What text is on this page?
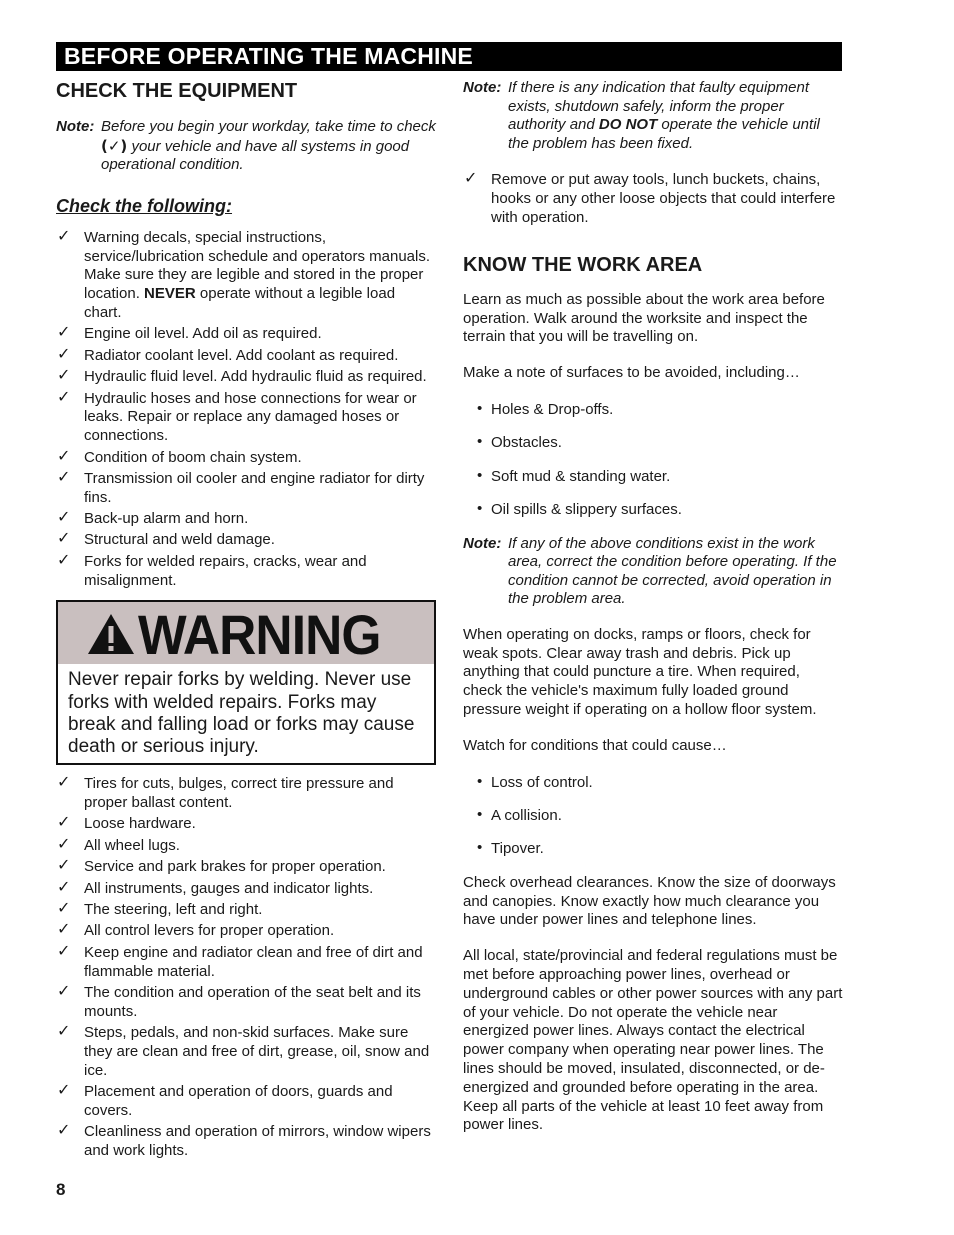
BEFORE OPERATING THE MACHINE
CHECK THE EQUIPMENT
Note: Before you begin your workday, take time to check (✓) your vehicle and have all systems in good operational condition.
Check the following:
✓ Warning decals, special instructions, service/lubrication schedule and operators manuals. Make sure they are legible and stored in the proper location. NEVER operate without a legible load chart.
✓ Engine oil level. Add oil as required.
✓ Radiator coolant level. Add coolant as required.
✓ Hydraulic fluid level. Add hydraulic fluid as required.
✓ Hydraulic hoses and hose connections for wear or leaks. Repair or replace any damaged hoses or connections.
✓ Condition of boom chain system.
✓ Transmission oil cooler and engine radiator for dirty fins.
✓ Back-up alarm and horn.
✓ Structural and weld damage.
✓ Forks for welded repairs, cracks, wear and misalignment.
WARNING
Never repair forks by welding. Never use forks with welded repairs. Forks may break and falling load or forks may cause death or serious injury.
✓ Tires for cuts, bulges, correct tire pressure and proper ballast content.
✓ Loose hardware.
✓ All wheel lugs.
✓ Service and park brakes for proper operation.
✓ All instruments, gauges and indicator lights.
✓ The steering, left and right.
✓ All control levers for proper operation.
✓ Keep engine and radiator clean and free of dirt and flammable material.
✓ The condition and operation of the seat belt and its mounts.
✓ Steps, pedals, and non-skid surfaces. Make sure they are clean and free of dirt, grease, oil, snow and ice.
✓ Placement and operation of doors, guards and covers.
✓ Cleanliness and operation of mirrors, window wipers and work lights.
Note: If there is any indication that faulty equipment exists, shutdown safely, inform the proper authority and DO NOT operate the vehicle until the problem has been fixed.
✓ Remove or put away tools, lunch buckets, chains, hooks or any other loose objects that could interfere with operation.
KNOW THE WORK AREA

Learn as much as possible about the work area before operation. Walk around the worksite and inspect the terrain that you will be travelling on.

Make a note of surfaces to be avoided, including…

• Holes & Drop-offs.
• Obstacles.
• Soft mud & standing water.
• Oil spills & slippery surfaces.
Note: If any of the above conditions exist in the work area, correct the condition before operating. If the condition cannot be corrected, avoid operation in the problem area.

When operating on docks, ramps or floors, check for weak spots. Clear away trash and debris. Pick up anything that could puncture a tire. When required, check the vehicle's maximum fully loaded ground pressure weight if operating on a hollow floor system.

Watch for conditions that could cause…

• Loss of control.
• A collision.
• Tipover.

Check overhead clearances. Know the size of doorways and canopies. Know exactly how much clearance you have under power lines and telephone lines.

All local, state/provincial and federal regulations must be met before approaching power lines, overhead or underground cables or other power sources with any part of your vehicle. Do not operate the vehicle near energized power lines. Always contact the electrical power company when operating near power lines. The lines should be moved, insulated, disconnected, or de-energized and grounded before operating in the area. Keep all parts of the vehicle at least 10 feet away from power lines.

8
